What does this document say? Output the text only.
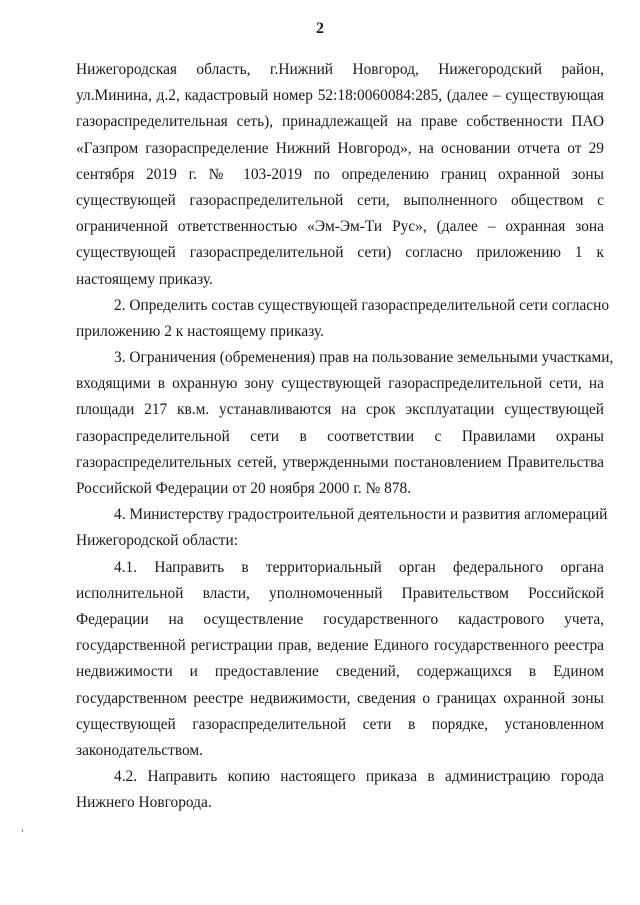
2
Нижегородская область, г.Нижний Новгород, Нижегородский район,
ул.Минина, д.2, кадастровый номер 52:18:0060084:285, (далее – существующая
газораспределительная сеть), принадлежащей на праве собственности ПАО
«Газпром газораспределение Нижний Новгород», на основании отчета от 29
сентября 2019 г. № 103-2019 по определению границ охранной зоны
существующей газораспределительной сети, выполненного обществом с
ограниченной ответственностью «Эм-Эм-Ти Рус», (далее – охранная зона
существующей газораспределительной сети) согласно приложению 1 к
настоящему приказу.
2. Определить состав существующей газораспределительной сети согласно
приложению 2 к настоящему приказу.
3. Ограничения (обременения) прав на пользование земельными участками,
входящими в охранную зону существующей газораспределительной сети, на
площади 217 кв.м. устанавливаются на срок эксплуатации существующей
газораспределительной сети в соответствии с Правилами охраны
газораспределительных сетей, утвержденными постановлением Правительства
Российской Федерации от 20 ноября 2000 г. № 878.
4. Министерству градостроительной деятельности и развития агломераций
Нижегородской области:
4.1. Направить в территориальный орган федерального органа
исполнительной власти, уполномоченный Правительством Российской
Федерации на осуществление государственного кадастрового учета,
государственной регистрации прав, ведение Единого государственного реестра
недвижимости и предоставление сведений, содержащихся в Едином
государственном реестре недвижимости, сведения о границах охранной зоны
существующей газораспределительной сети в порядке, установленном
законодательством.
4.2. Направить копию настоящего приказа в администрацию города
Нижнего Новгорода.
